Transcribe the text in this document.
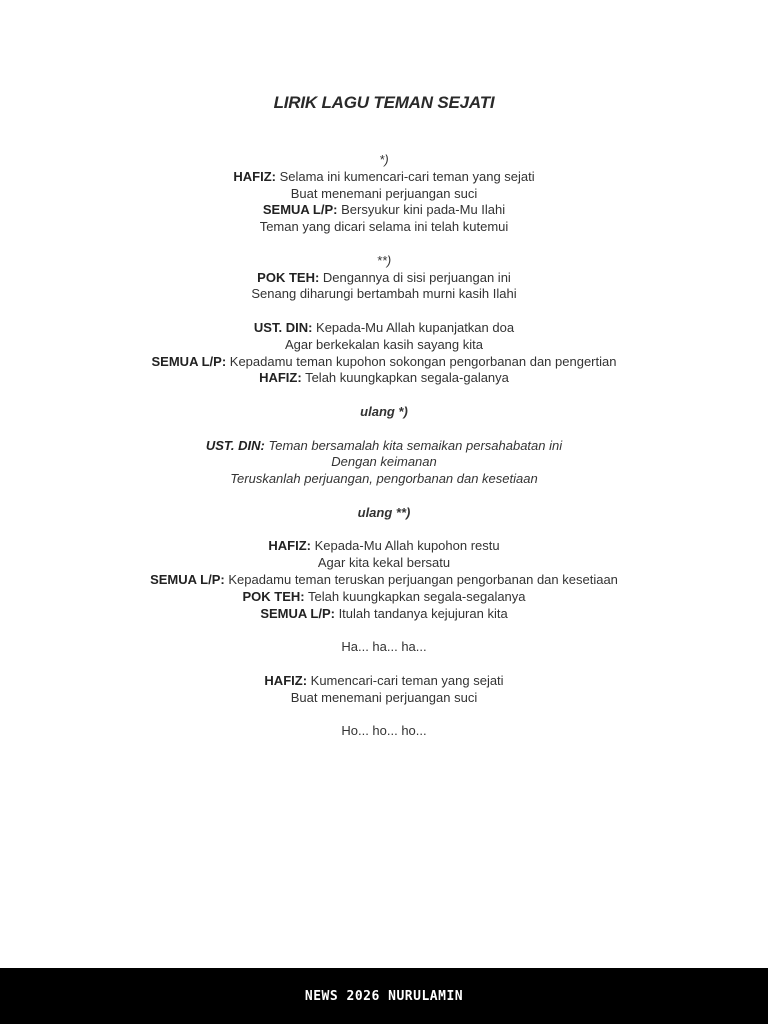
LIRIK LAGU TEMAN SEJATI
*)
HAFIZ: Selama ini kumencari-cari teman yang sejati
Buat menemani perjuangan suci
SEMUA L/P: Bersyukur kini pada-Mu Ilahi
Teman yang dicari selama ini telah kutemui
**)
POK TEH: Dengannya di sisi perjuangan ini
Senang diharungi bertambah murni kasih Ilahi
UST. DIN: Kepada-Mu Allah kupanjatkan doa
Agar berkekalan kasih sayang kita
SEMUA L/P: Kepadamu teman kupohon sokongan pengorbanan dan pengertian
HAFIZ: Telah kuungkapkan segala-galanya
ulang *)
UST. DIN: Teman bersamalah kita semaikan persahabatan ini
Dengan keimanan
Teruskanlah perjuangan, pengorbanan dan kesetiaan
ulang **)
HAFIZ: Kepada-Mu Allah kupohon restu
Agar kita kekal bersatu
SEMUA L/P: Kepadamu teman teruskan perjuangan pengorbanan dan kesetiaan
POK TEH: Telah kuungkapkan segala-segalanya
SEMUA L/P: Itulah tandanya kejujuran kita
Ha... ha... ha...
HAFIZ: Kumencari-cari teman yang sejati
Buat menemani perjuangan suci
Ho... ho... ho...
NEWS 2026 NURULAMIN
